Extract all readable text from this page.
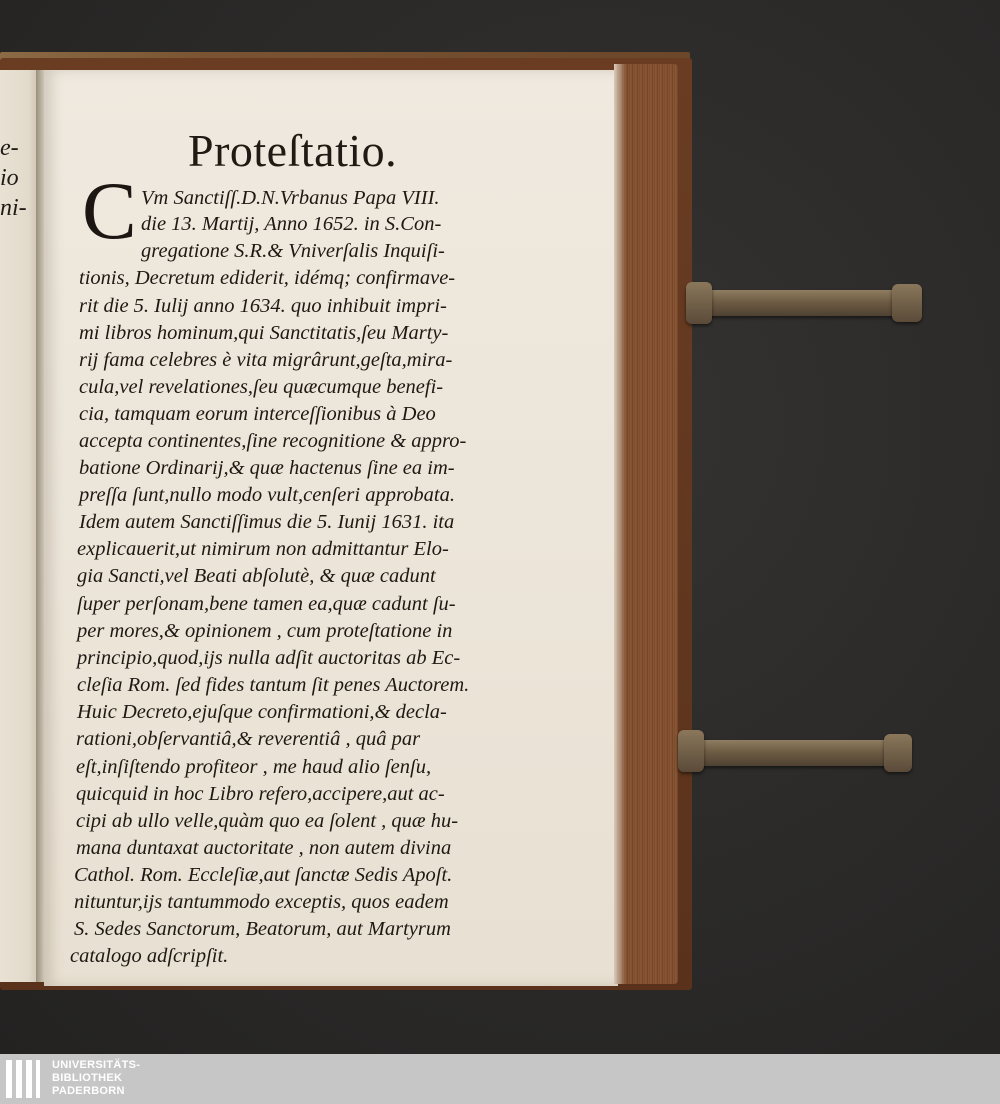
e-
io
ni-
Proteſtatio.
C Vm Sanctiſſ.D.N.Vrbanus Papa VIII.
die 13. Martij, Anno 1652. in S.Con-
gregatione S.R.& Vniverſalis Inquiſi-
tionis, Decretum ediderit, idémq; confirmave-
rit die 5. Iulij anno 1634. quo inhibuit impri-
mi libros hominum,qui Sanctitatis,ſeu Marty-
rij fama celebres è vita migrârunt,geſta,mira-
cula,vel revelationes,ſeu quæcumque benefi-
cia, tamquam eorum interceſſionibus à Deo
accepta continentes,ſine recognitione & appro-
batione Ordinarij,& quæ hactenus ſine ea im-
preſſa ſunt,nullo modo vult,cenſeri approbata.
Idem autem Sanctiſſimus die 5. Iunij 1631. ita
explicauerit,ut nimirum non admittantur Elo-
gia Sancti,vel Beati abſolutè, & quæ cadunt
ſuper perſonam,bene tamen ea,quæ cadunt ſu-
per mores,& opinionem , cum proteſtatione in
principio,quod,ijs nulla adſit auctoritas ab Ec-
cleſia Rom. ſed fides tantum ſit penes Auctorem.
Huic Decreto,ejuſque confirmationi,& decla-
rationi,obſervantiâ,& reverentiâ , quâ par
eſt,inſiſtendo profiteor , me haud alio ſenſu,
quicquid in hoc Libro refero,accipere,aut ac-
cipi ab ullo velle,quàm quo ea ſolent , quæ hu-
mana duntaxat auctoritate , non autem divina
Cathol. Rom. Eccleſiæ,aut ſanctæ Sedis Apoſt.
nituntur,ijs tantummodo exceptis, quos eadem
S. Sedes Sanctorum, Beatorum, aut Martyrum
catalogo adſcripſit.
UNIVERSITÄTS-
BIBLIOTHEK
PADERBORN
